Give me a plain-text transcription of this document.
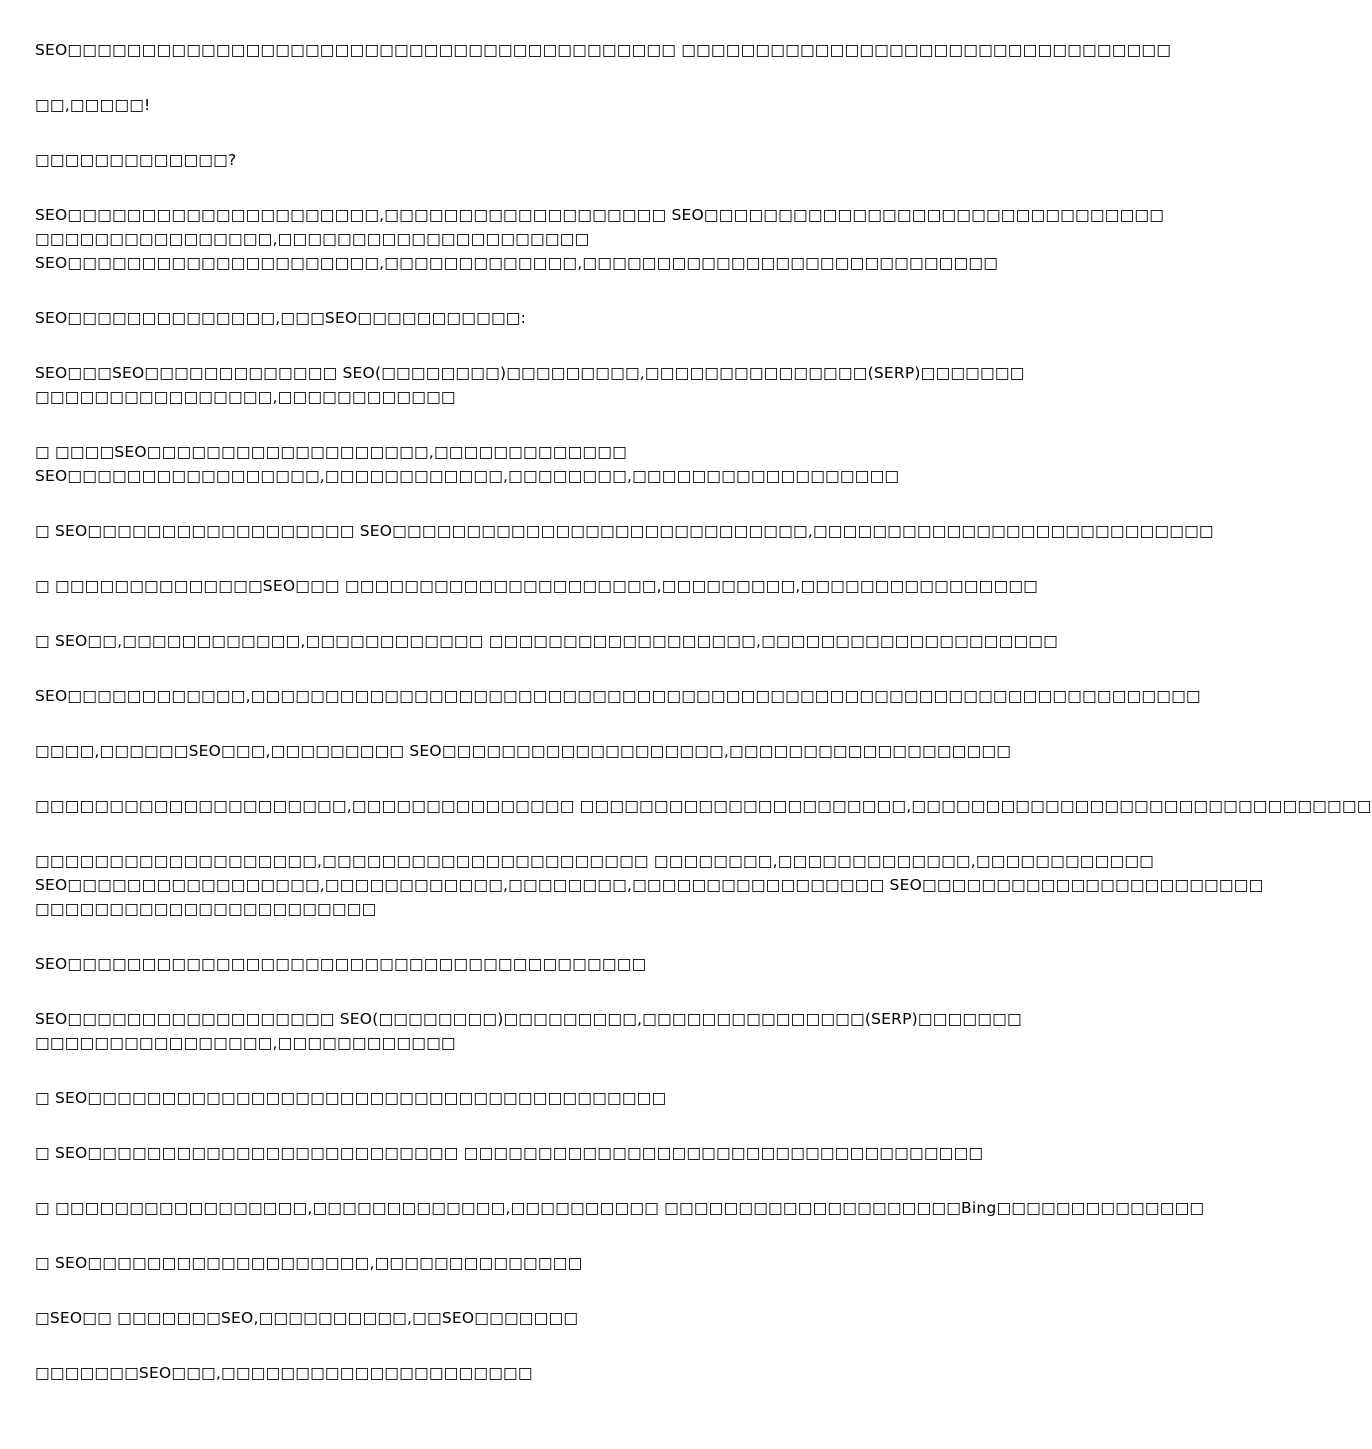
SEO□□□□□□□□□□□□□□□□□□□□□□□□□□□□□□□□□□□□□□□□□ □□□□□□□□□□□□□□□□□□□□□□□□□□□□□□□□□

□□,□□□□□!

□□□□□□□□□□□□□?

SEO□□□□□□□□□□□□□□□□□□□□□,□□□□□□□□□□□□□□□□□□□ SEO□□□□□□□□□□□□□□□□□□□□□□□□□□□□□□□
□□□□□□□□□□□□□□□□,□□□□□□□□□□□□□□□□□□□□□
SEO□□□□□□□□□□□□□□□□□□□□□,□□□□□□□□□□□□□,□□□□□□□□□□□□□□□□□□□□□□□□□□□□

SEO□□□□□□□□□□□□□□,□□□SEO□□□□□□□□□□□:

SEO□□□SEO□□□□□□□□□□□□□ SEO(□□□□□□□□)□□□□□□□□□,□□□□□□□□□□□□□□□(SERP)□□□□□□□
□□□□□□□□□□□□□□□□,□□□□□□□□□□□□

□ □□□□SEO□□□□□□□□□□□□□□□□□□□,□□□□□□□□□□□□□
SEO□□□□□□□□□□□□□□□□□,□□□□□□□□□□□□,□□□□□□□□,□□□□□□□□□□□□□□□□□□

□ SEO□□□□□□□□□□□□□□□□□□ SEO□□□□□□□□□□□□□□□□□□□□□□□□□□□□,□□□□□□□□□□□□□□□□□□□□□□□□□□□

□ □□□□□□□□□□□□□□SEO□□□ □□□□□□□□□□□□□□□□□□□□□,□□□□□□□□□,□□□□□□□□□□□□□□□□

□ SEO□□,□□□□□□□□□□□□,□□□□□□□□□□□□ □□□□□□□□□□□□□□□□□□,□□□□□□□□□□□□□□□□□□□□

SEO□□□□□□□□□□□□,□□□□□□□□□□□□□□□□□□□□□□□□□□□□□□□□□□□□□□□□□□□□□□□□□□□□□□□□□□□□□□□□

□□□□,□□□□□□SEO□□□,□□□□□□□□□ SEO□□□□□□□□□□□□□□□□□□□,□□□□□□□□□□□□□□□□□□□

□□□□□□□□□□□□□□□□□□□□□,□□□□□□□□□□□□□□□ □□□□□□□□□□□□□□□□□□□□□□,□□□□□□□□□□□□□□□□□□□□□□□□□□□□□□□

□□□□□□□□□□□□□□□□□□□,□□□□□□□□□□□□□□□□□□□□□□ □□□□□□□□,□□□□□□□□□□□□□,□□□□□□□□□□□□
SEO□□□□□□□□□□□□□□□□□,□□□□□□□□□□□□,□□□□□□□□,□□□□□□□□□□□□□□□□□ SEO□□□□□□□□□□□□□□□□□□□□□□□
□□□□□□□□□□□□□□□□□□□□□□□

SEO□□□□□□□□□□□□□□□□□□□□□□□□□□□□□□□□□□□□□□□

SEO□□□□□□□□□□□□□□□□□□ SEO(□□□□□□□□)□□□□□□□□□,□□□□□□□□□□□□□□□(SERP)□□□□□□□
□□□□□□□□□□□□□□□□,□□□□□□□□□□□□

□ SEO□□□□□□□□□□□□□□□□□□□□□□□□□□□□□□□□□□□□□□□

□ SEO□□□□□□□□□□□□□□□□□□□□□□□□□ □□□□□□□□□□□□□□□□□□□□□□□□□□□□□□□□□□□

□ □□□□□□□□□□□□□□□□□,□□□□□□□□□□□□□,□□□□□□□□□□ □□□□□□□□□□□□□□□□□□□□Bing□□□□□□□□□□□□□□

□ SEO□□□□□□□□□□□□□□□□□□□,□□□□□□□□□□□□□□

□SEO□□ □□□□□□□SEO,□□□□□□□□□□,□□SEO□□□□□□□

□□□□□□□SEO□□□,□□□□□□□□□□□□□□□□□□□□□
